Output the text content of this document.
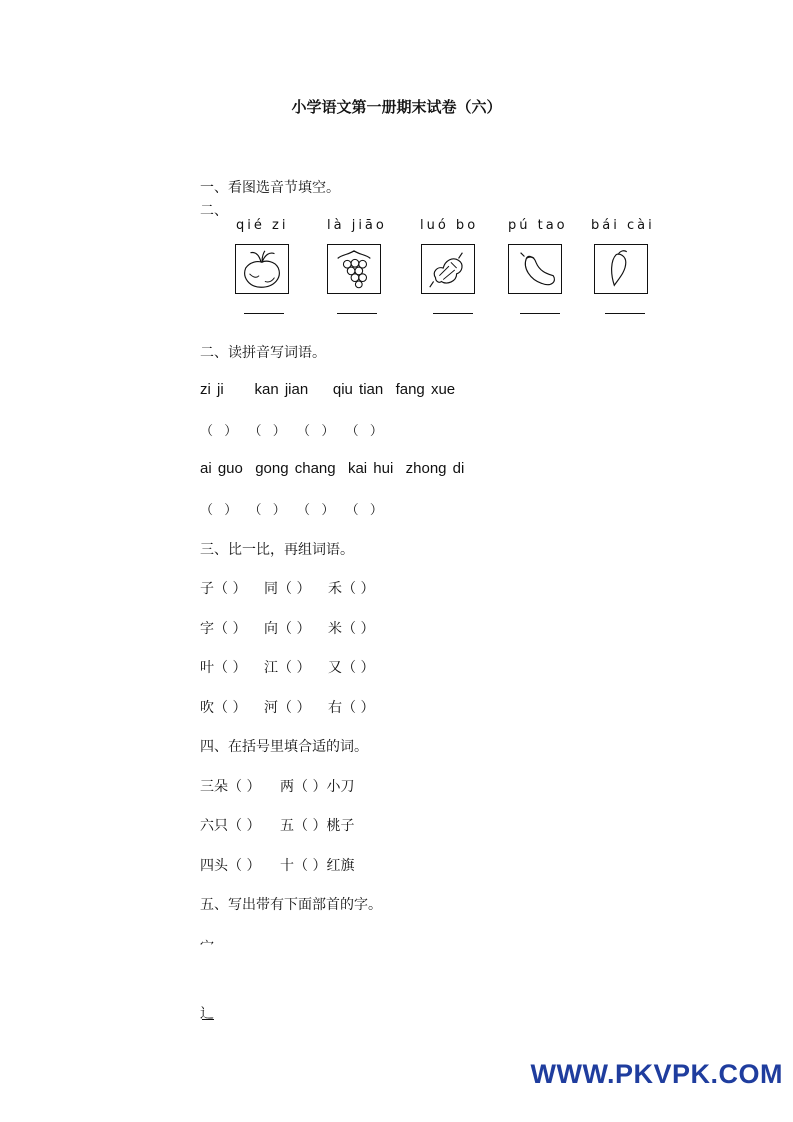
小学语文第一册期末试卷（六）
一、看图选音节填空。
二、
qié zi	là jiāo	luó bo pú tao bái cài
二、读拼音写词语。
zi ji     kan jian    qiu tian  fang xue
（  ）  （  ）  （  ）  （  ）
ai guo  gong chang  kai hui  zhong di
（  ）  （  ）  （  ）  （  ）
三、比一比，再组词语。
子（ ） 同（ ） 禾（ ）
字（ ） 向（ ） 米（ ）
叶（ ） 江（ ） 又（ ）
吹（ ） 河（ ） 右（ ）
四、在括号里填合适的词。
三朵（ ） 两（ ）小刀
六只（ ） 五（ ）桃子
四头（ ） 十（ ）红旗
五、写出带有下面部首的字。
宀
辶
WWW.PKVPK.COM
